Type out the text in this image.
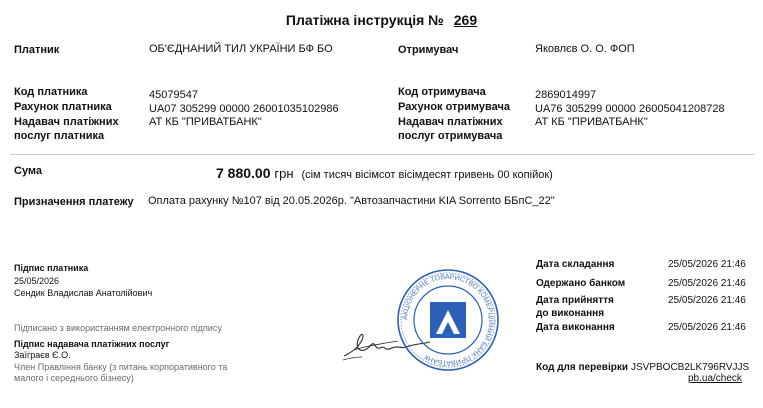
Платіжна інструкція № 269
Платник	ОБ'ЄДНАНИЙ ТИЛ УКРАЇНИ БФ БО
Код платника	45079547
Рахунок платника	UA07 305299 00000 26001035102986
Надавач платіжних
послуг платника
АТ КБ "ПРИВАТБАНК"
Отримувач	Яковлєв О. О. ФОП
Код отримувача	2869014997
Рахунок отримувача UA76 305299 00000 26005041208728
Надавач платіжних
послуг отримувача
АТ КБ "ПРИВАТБАНК"
Сума	7 880.00 грн (сім тисяч вісімсот вісімдесят гривень 00 копійок)
Призначення платежу Оплата рахунку №107 від 20.05.2026р. "Автозапчастини KIA Sorrento ББпС_22"
Підпис платника
25/05/2026
Сендик Владислав Анатолійович
Підписано з використанням електронного підпису
Підпис надавача платіжних послуг
Заїграєв Є.О.
Член Правління банку (з питань корпоративного та
малого і середнього бізнесу)
АКЦІОНЕРНЕ ТОВАРИСТВО КОМЕРЦІЙНИЙ БАНК ПРИВАТБАНК
Дата складання	25/05/2026 21:46
Одержано банком	25/05/2026 21:46
Дата прийняття до виконання
25/05/2026 21:46
Дата виконання	25/05/2026 21:46
Код для перевірки JSVPBOCB2LK796RVJJS
pb.ua/check
